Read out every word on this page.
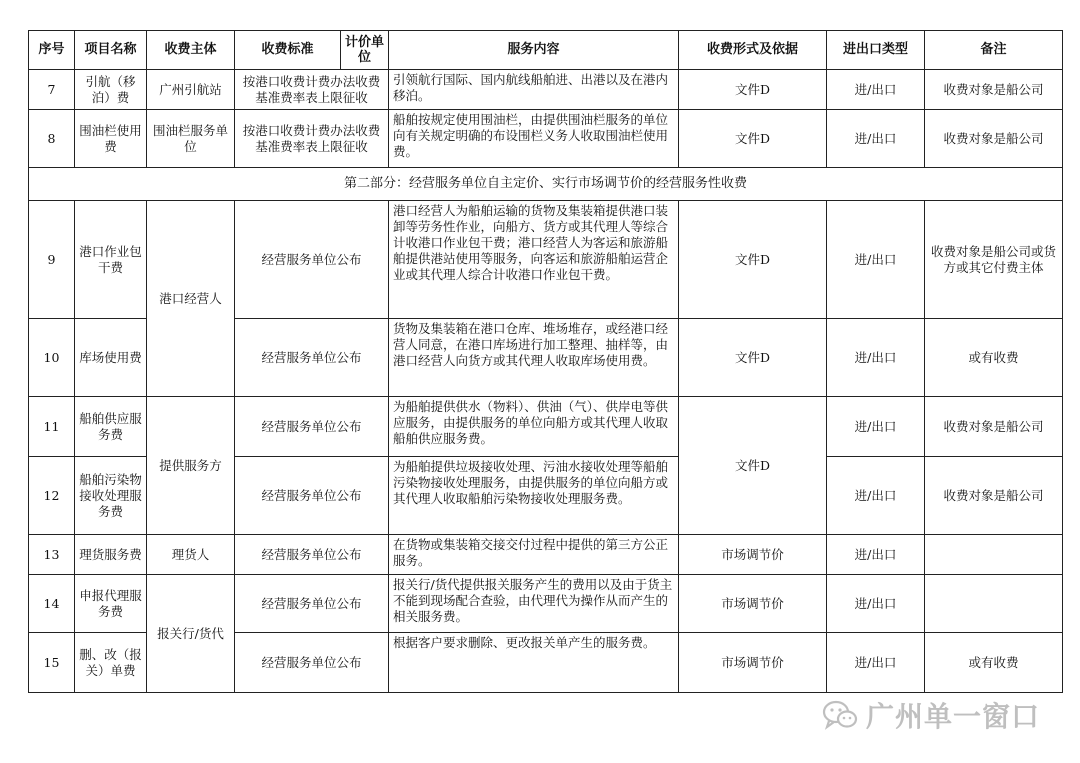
序号	项目名称	收费主体	收费标准	计价单位	服务内容	收费形式及依据	进出口类型	备注
7	引航（移泊）费	广州引航站	按港口收费计费办法收费基准费率表上限征收		引领航行国际、国内航线船舶进、出港以及在港内移泊。	文件D	进/出口	收费对象是船公司
8	围油栏使用费	围油栏服务单位	按港口收费计费办法收费基准费率表上限征收		船舶按规定使用围油栏，由提供围油栏服务的单位向有关规定明确的布设围栏义务人收取围油栏使用费。	文件D	进/出口	收费对象是船公司
第二部分：经营服务单位自主定价、实行市场调节价的经营服务性收费								
9	港口作业包干费	港口经营人	经营服务单位公布		港口经营人为船舶运输的货物及集装箱提供港口装卸等劳务性作业，向船方、货方或其代理人等综合计收港口作业包干费；港口经营人为客运和旅游船舶提供港站使用等服务，向客运和旅游船舶运营企业或其代理人综合计收港口作业包干费。	文件D	进/出口	收费对象是船公司或货方或其它付费主体
10	库场使用费		经营服务单位公布		货物及集装箱在港口仓库、堆场堆存，或经港口经营人同意，在港口库场进行加工整理、抽样等，由港口经营人向货方或其代理人收取库场使用费。	文件D	进/出口	或有收费
11	船舶供应服务费	提供服务方	经营服务单位公布		为船舶提供供水（物料）、供油（气）、供岸电等供应服务，由提供服务的单位向船方或其代理人收取船舶供应服务费。	文件D	进/出口	收费对象是船公司
12	船舶污染物接收处理服务费		经营服务单位公布		为船舶提供垃圾接收处理、污油水接收处理等船舶污染物接收处理服务，由提供服务的单位向船方或其代理人收取船舶污染物接收处理服务费。		进/出口	收费对象是船公司
13	理货服务费	理货人	经营服务单位公布		在货物或集装箱交接交付过程中提供的第三方公正服务。	市场调节价	进/出口	
14	申报代理服务费	报关行/货代	经营服务单位公布		报关行/货代提供报关服务产生的费用以及由于货主不能到现场配合查验，由代理代为操作从而产生的相关服务费。	市场调节价	进/出口	
15	删、改（报关）单费		经营服务单位公布		根据客户要求删除、更改报关单产生的服务费。	市场调节价	进/出口	或有收费
广州单一窗口
